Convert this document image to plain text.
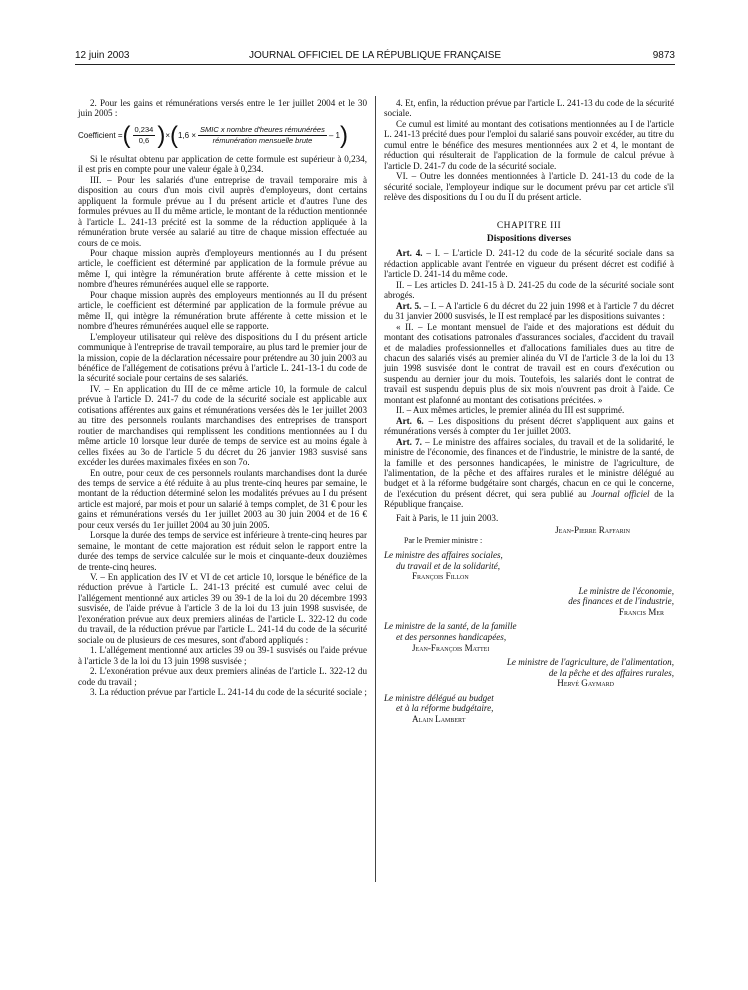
12 juin 2003	JOURNAL OFFICIEL DE LA RÉPUBLIQUE FRANÇAISE	9873

2. Pour les gains et rémunérations versés entre le 1er juillet 2004 et le 30 juin 2005 :

Coefficient = ( $\frac{0,234}{0,6}$ ) × ( $1,6 \times \frac{\text{SMIC x nombre d'heures rémunérées}}{\text{rémunération mensuelle brute}} - 1$ )

Si le résultat obtenu par application de cette formule est supérieur à 0,234, il est pris en compte pour une valeur égale à 0,234.

III. – Pour les salariés d'une entreprise de travail temporaire mis à disposition au cours d'un mois civil auprès d'employeurs, dont certains appliquent la formule prévue au I du présent article et d'autres l'une des formules prévues au II du même article, le montant de la réduction mentionnée à l'article L. 241-13 précité est la somme de la réduction appliquée à la rémunération brute versée au salarié au titre de chaque mission effectuée au cours de ce mois.

Pour chaque mission auprès d'employeurs mentionnés au I du présent article, le coefficient est déterminé par application de la formule prévue au même I, qui intègre la rémunération brute afférente à cette mission et le nombre d'heures rémunérées auquel elle se rapporte.

Pour chaque mission auprès des employeurs mentionnés au II du présent article, le coefficient est déterminé par application de la formule prévue au même II, qui intègre la rémunération brute afférente à cette mission et le nombre d'heures rémunérées auquel elle se rapporte.

L'employeur utilisateur qui relève des dispositions du I du présent article communique à l'entreprise de travail temporaire, au plus tard le premier jour de la mission, copie de la déclaration nécessaire pour prétendre au 30 juin 2003 au bénéfice de l'allégement de cotisations prévu à l'article L. 241-13-1 du code de la sécurité sociale pour certains de ses salariés.

IV. – En application du III de ce même article 10, la formule de calcul prévue à l'article D. 241-7 du code de la sécurité sociale est applicable aux cotisations afférentes aux gains et rémunérations versées dès le 1er juillet 2003 au titre des personnels roulants marchandises des entreprises de transport routier de marchandises qui remplissent les conditions mentionnées au I du même article 10 lorsque leur durée de temps de service est au moins égale à celles fixées au 3o de l'article 5 du décret du 26 janvier 1983 susvisé sans excéder les durées maximales fixées en son 7o.

En outre, pour ceux de ces personnels roulants marchandises dont la durée des temps de service a été réduite à au plus trente-cinq heures par semaine, le montant de la réduction déterminé selon les modalités prévues au I du présent article est majoré, par mois et pour un salarié à temps complet, de 31 € pour les gains et rémunérations versés du 1er juillet 2003 au 30 juin 2004 et de 16 € pour ceux versés du 1er juillet 2004 au 30 juin 2005.

Lorsque la durée des temps de service est inférieure à trente-cinq heures par semaine, le montant de cette majoration est réduit selon le rapport entre la durée des temps de service calculée sur le mois et cinquante-deux douzièmes de trente-cinq heures.

V. – En application des IV et VI de cet article 10, lorsque le bénéfice de la réduction prévue à l'article L. 241-13 précité est cumulé avec celui de l'allégement mentionné aux articles 39 ou 39-1 de la loi du 20 décembre 1993 susvisée, de l'aide prévue à l'article 3 de la loi du 13 juin 1998 susvisée, de l'exonération prévue aux deux premiers alinéas de l'article L. 322-12 du code du travail, de la réduction prévue par l'article L. 241-14 du code de la sécurité sociale ou de plusieurs de ces mesures, sont d'abord appliqués :

1. L'allégement mentionné aux articles 39 ou 39-1 susvisés ou l'aide prévue à l'article 3 de la loi du 13 juin 1998 susvisée ;

2. L'exonération prévue aux deux premiers alinéas de l'article L. 322-12 du code du travail ;

3. La réduction prévue par l'article L. 241-14 du code de la sécurité sociale ;

4. Et, enfin, la réduction prévue par l'article L. 241-13 du code de la sécurité sociale.

Ce cumul est limité au montant des cotisations mentionnées au I de l'article L. 241-13 précité dues pour l'emploi du salarié sans pouvoir excéder, au titre du cumul entre le bénéfice des mesures mentionnées aux 2 et 4, le montant de réduction qui résulterait de l'application de la formule de calcul prévue à l'article D. 241-7 du code de la sécurité sociale.

VI. – Outre les données mentionnées à l'article D. 241-13 du code de la sécurité sociale, l'employeur indique sur le document prévu par cet article s'il relève des dispositions du I ou du II du présent article.

CHAPITRE III

Dispositions diverses

Art. 4. – I. – L'article D. 241-12 du code de la sécurité sociale dans sa rédaction applicable avant l'entrée en vigueur du présent décret est codifié à l'article D. 241-14 du même code.

II. – Les articles D. 241-15 à D. 241-25 du code de la sécurité sociale sont abrogés.

Art. 5. – I. – A l'article 6 du décret du 22 juin 1998 et à l'article 7 du décret du 31 janvier 2000 susvisés, le II est remplacé par les dispositions suivantes :

« II. – Le montant mensuel de l'aide et des majorations est déduit du montant des cotisations patronales d'assurances sociales, d'accident du travail et de maladies professionnelles et d'allocations familiales dues au titre de chacun des salariés visés au premier alinéa du VI de l'article 3 de la loi du 13 juin 1998 susvisée dont le contrat de travail est en cours d'exécution ou suspendu au dernier jour du mois. Toutefois, les salariés dont le contrat de travail est suspendu depuis plus de six mois n'ouvrent pas droit à l'aide. Ce montant est plafonné au montant des cotisations précitées. »

II. – Aux mêmes articles, le premier alinéa du III est supprimé.

Art. 6. – Les dispositions du présent décret s'appliquent aux gains et rémunérations versés à compter du 1er juillet 2003.

Art. 7. – Le ministre des affaires sociales, du travail et de la solidarité, le ministre de l'économie, des finances et de l'industrie, le ministre de la santé, de la famille et des personnes handicapées, le ministre de l'agriculture, de l'alimentation, de la pêche et des affaires rurales et le ministre délégué au budget et à la réforme budgétaire sont chargés, chacun en ce qui le concerne, de l'exécution du présent décret, qui sera publié au Journal officiel de la République française.

Fait à Paris, le 11 juin 2003.

Jean-Pierre Raffarin

Par le Premier ministre :

Le ministre des affaires sociales,
du travail et de la solidarité,

François Fillon

Le ministre de l'économie,
des finances et de l'industrie,

Francis Mer

Le ministre de la santé, de la famille
et des personnes handicapées,

Jean-François Mattei

Le ministre de l'agriculture, de l'alimentation,
de la pêche et des affaires rurales,

Hervé Gaymard

Le ministre délégué au budget
et à la réforme budgétaire,

Alain Lambert
